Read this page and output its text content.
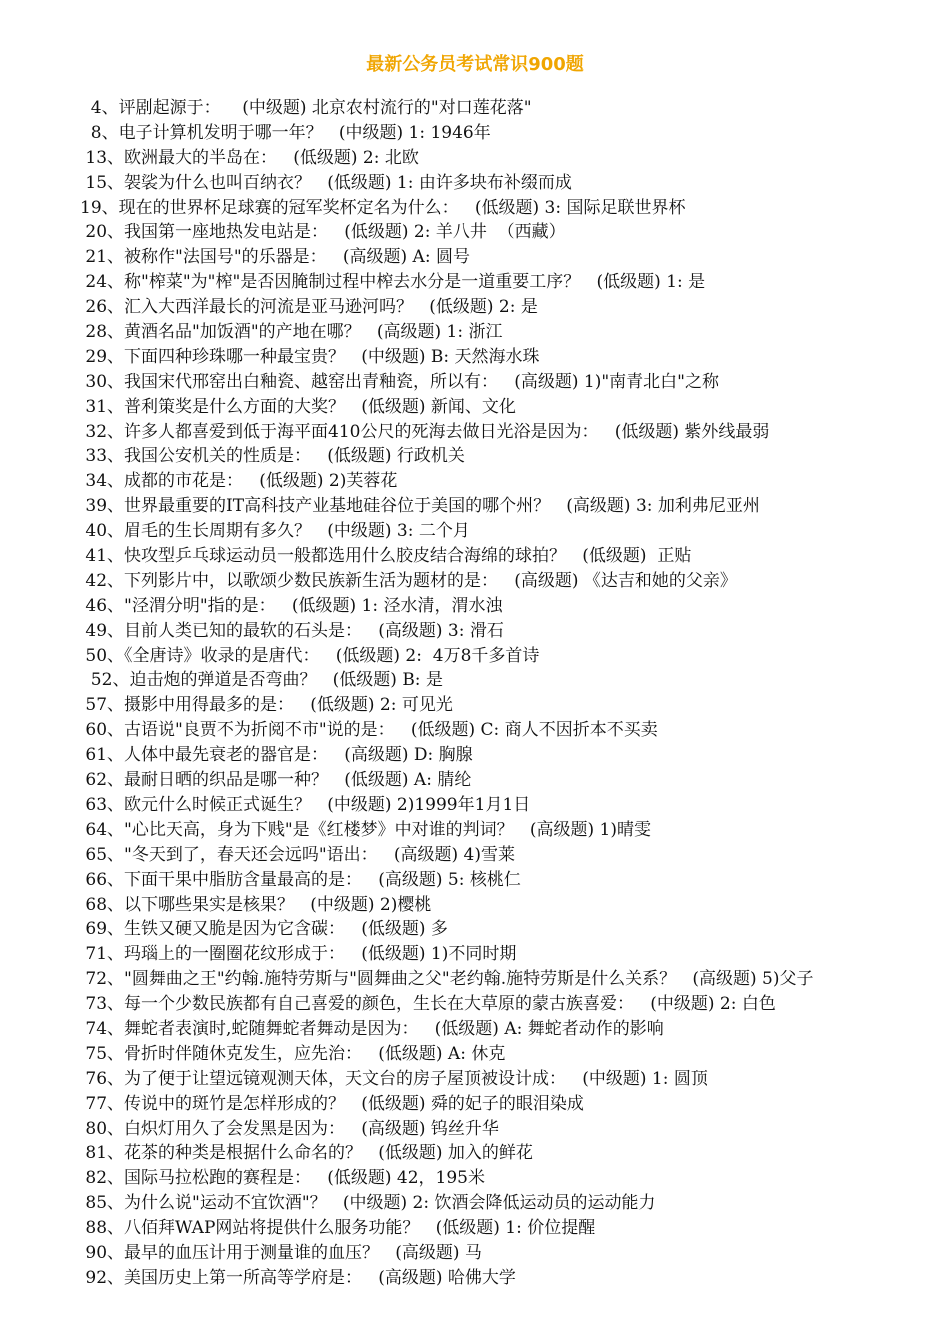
最新公务员考试常识900题
4、评剧起源于：    (中级题) 北京农村流行的"对口莲花落"
8、电子计算机发明于哪一年？   (中级题) 1: 1946年
13、欧洲最大的半岛在：   (低级题) 2: 北欧
15、袈裟为什么也叫百纳衣？   (低级题) 1: 由许多块布补缀而成
19、现在的世界杯足球赛的冠军奖杯定名为什么：   (低级题) 3: 国际足联世界杯
20、我国第一座地热发电站是：   (低级题) 2: 羊八井  （西藏）
21、被称作"法国号"的乐器是：   (高级题) A: 圆号
24、称"榨菜"为"榨"是否因腌制过程中榨去水分是一道重要工序？   (低级题) 1: 是
26、汇入大西洋最长的河流是亚马逊河吗？   (低级题) 2: 是
28、黄酒名品"加饭酒"的产地在哪？   (高级题) 1: 浙江
29、下面四种珍珠哪一种最宝贵？   (中级题) B: 天然海水珠
30、我国宋代邢窑出白釉瓷、越窑出青釉瓷，所以有：   (高级题) 1)"南青北白"之称
31、普利策奖是什么方面的大奖？   (低级题) 新闻、文化
32、许多人都喜爱到低于海平面410公尺的死海去做日光浴是因为：   (低级题) 紫外线最弱
33、我国公安机关的性质是：   (低级题) 行政机关
34、成都的市花是：   (低级题) 2)芙蓉花
39、世界最重要的IT高科技产业基地硅谷位于美国的哪个州？   (高级题) 3: 加利弗尼亚州
40、眉毛的生长周期有多久？   (中级题) 3: 二个月
41、快攻型乒乓球运动员一般都选用什么胶皮结合海绵的球拍？   (低级题)  正贴
42、下列影片中，以歌颂少数民族新生活为题材的是：   (高级题) 《达吉和她的父亲》
46、"泾渭分明"指的是：   (低级题) 1: 泾水清，渭水浊
49、目前人类已知的最软的石头是：   (高级题) 3: 滑石
50、《全唐诗》收录的是唐代：   (低级题) 2:  4万8千多首诗
52、迫击炮的弹道是否弯曲？   (低级题) B: 是
57、摄影中用得最多的是：   (低级题) 2: 可见光
60、古语说"良贾不为折阅不市"说的是：   (低级题) C: 商人不因折本不买卖
61、人体中最先衰老的器官是：   (高级题) D: 胸腺
62、最耐日晒的织品是哪一种？   (低级题) A: 腈纶
63、欧元什么时候正式诞生？   (中级题) 2)1999年1月1日
64、"心比天高，身为下贱"是《红楼梦》中对谁的判词？   (高级题) 1)晴雯
65、"冬天到了，春天还会远吗"语出：   (高级题) 4)雪莱
66、下面干果中脂肪含量最高的是：   (高级题) 5: 核桃仁
68、以下哪些果实是核果？   (中级题) 2)樱桃
69、生铁又硬又脆是因为它含碳：   (低级题) 多
71、玛瑙上的一圈圈花纹形成于：   (低级题) 1)不同时期
72、"圆舞曲之王"约翰.施特劳斯与"圆舞曲之父"老约翰.施特劳斯是什么关系？   (高级题) 5)父子
73、每一个少数民族都有自己喜爱的颜色，生长在大草原的蒙古族喜爱：   (中级题) 2: 白色
74、舞蛇者表演时,蛇随舞蛇者舞动是因为：   (低级题) A: 舞蛇者动作的影响
75、骨折时伴随休克发生，应先治：   (低级题) A: 休克
76、为了便于让望远镜观测天体，天文台的房子屋顶被设计成：   (中级题) 1: 圆顶
77、传说中的斑竹是怎样形成的？   (低级题) 舜的妃子的眼泪染成
80、白炽灯用久了会发黑是因为：   (高级题) 钨丝升华
81、花茶的种类是根据什么命名的？   (低级题) 加入的鲜花
82、国际马拉松跑的赛程是：   (低级题) 42，195米
85、为什么说"运动不宜饮酒"？   (中级题) 2: 饮酒会降低运动员的运动能力
88、八佰拜WAP网站将提供什么服务功能？   (低级题) 1: 价位提醒
90、最早的血压计用于测量谁的血压？   (高级题) 马
92、美国历史上第一所高等学府是：   (高级题) 哈佛大学
